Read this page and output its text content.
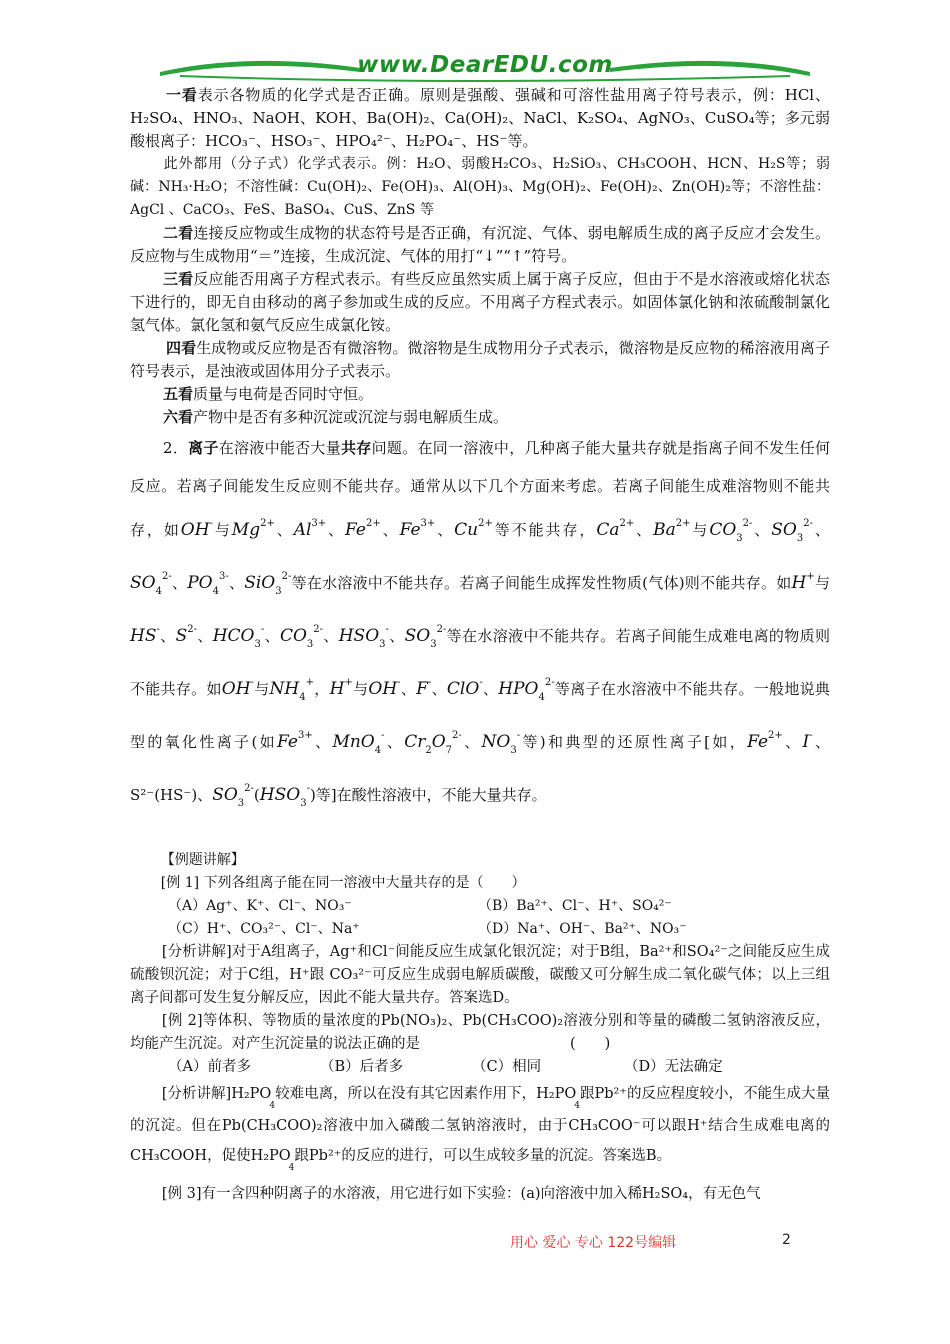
www.DearEDU.com

一看表示各物质的化学式是否正确。原则是强酸、强碱和可溶性盐用离子符号表示，例：HCl、H₂SO₄、HNO₃、NaOH、KOH、Ba(OH)₂、Ca(OH)₂、NaCl、K₂SO₄、AgNO₃、CuSO₄等；多元弱酸根离子：HCO₃⁻、HSO₃⁻、HPO₄²⁻、H₂PO₄⁻、HS⁻等。

此外都用（分子式）化学式表示。例：H₂O、弱酸H₂CO₃、H₂SiO₃、CH₃COOH、HCN、H₂S等；弱碱：NH₃·H₂O；不溶性碱：Cu(OH)₂、Fe(OH)₃、Al(OH)₃、Mg(OH)₂、Fe(OH)₂、Zn(OH)₂等；不溶性盐：AgCl 、CaCO₃、FeS、BaSO₄、CuS、ZnS 等

二看连接反应物或生成物的状态符号是否正确，有沉淀、气体、弱电解质生成的离子反应才会发生。反应物与生成物用“＝”连接，生成沉淀、气体的用打“↓”“↑”符号。

三看反应能否用离子方程式表示。有些反应虽然实质上属于离子反应，但由于不是水溶液或熔化状态下进行的，即无自由移动的离子参加或生成的反应。不用离子方程式表示。如固体氯化钠和浓硫酸制氯化氢气体。氯化氢和氨气反应生成氯化铵。

四看生成物或反应物是否有微溶物。微溶物是生成物用分子式表示，微溶物是反应物的稀溶液用离子符号表示，是浊液或固体用分子式表示。

五看质量与电荷是否同时守恒。

六看产物中是否有多种沉淀或沉淀与弱电解质生成。

2．离子在溶液中能否大量共存问题。在同一溶液中，几种离子能大量共存就是指离子间不发生任何反应。若离子间能发生反应则不能共存。通常从以下几个方面来考虑。若离子间能生成难溶物则不能共存，如OH-与$Mg^{2+}$、$Al^{3+}$、$Fe^{2+}$、$Fe^{3+}$、$Cu^{2+}$等不能共存，$Ca^{2+}$、$Ba^{2+}$与$CO_3^{2-}$、$SO_3^{2-}$、$SO_4^{2-}$、$PO_4^{3-}$、SiO$_3^{2-}$等在水溶液中不能共存。若离子间能生成挥发性物质(气体)则不能共存。如H+与HS-、$S^{2-}$、$HCO_3^-$、$CO_3^{2-}$、$HSO_3^-$、$SO_3^{2-}$等在水溶液中不能共存。若离子间能生成难电离的物质则不能共存。如OH-与$NH_4^+$，H+与OH-、F-、ClO-、$HPO_4^{2-}$等离子在水溶液中不能共存。一般地说典型的氧化性离子(如$Fe^{3+}$、MnO$_4$-、$Cr_2O_7^{2-}$、$NO_3^-$等)和典型的还原性离子[如，$Fe^{2+}$、I-、S²⁻(HS⁻)、$SO_3^{2-}(HSO_3^-)$等]在酸性溶液中，不能大量共存。

【例题讲解】

[例 1] 下列各组离子能在同一溶液中大量共存的是（　　）

（A）Ag⁺、K⁺、Cl⁻、NO₃⁻	（B）Ba²⁺、Cl⁻、H⁺、SO₄²⁻
（C）H⁺、CO₃²⁻、Cl⁻、Na⁺	（D）Na⁺、OH⁻、Ba²⁺、NO₃⁻

[分析讲解]对于A组离子，Ag⁺和Cl⁻间能反应生成氯化银沉淀；对于B组，Ba²⁺和SO₄²⁻之间能反应生成硫酸钡沉淀；对于C组，H⁺跟 CO₃²⁻可反应生成弱电解质碳酸，碳酸又可分解生成二氧化碳气体；以上三组离子间都可发生复分解反应，因此不能大量共存。答案选D。

[例 2]等体积、等物质的量浓度的Pb(NO₃)₂、Pb(CH₃COO)₂溶液分别和等量的磷酸二氢钠溶液反应，均能产生沉淀。对产生沉淀量的说法正确的是	(　　)

（A）前者多	（B）后者多	（C）相同	（D）无法确定

[分析讲解]$H_2PO_4$较难电离，所以在没有其它因素作用下，$H_2PO_4$跟Pb²⁺的反应程度较小，不能生成大量的沉淀。但在Pb(CH₃COO)₂溶液中加入磷酸二氢钠溶液时，由于CH₃COO⁻可以跟H⁺结合生成难电离的CH₃COOH，促使$H_2PO_4$跟Pb²⁺的反应的进行，可以生成较多量的沉淀。答案选B。

[例 3]有一含四种阴离子的水溶液，用它进行如下实验：(a)向溶液中加入稀H₂SO₄，有无色气

用心 爱心 专心 122号编辑	2
